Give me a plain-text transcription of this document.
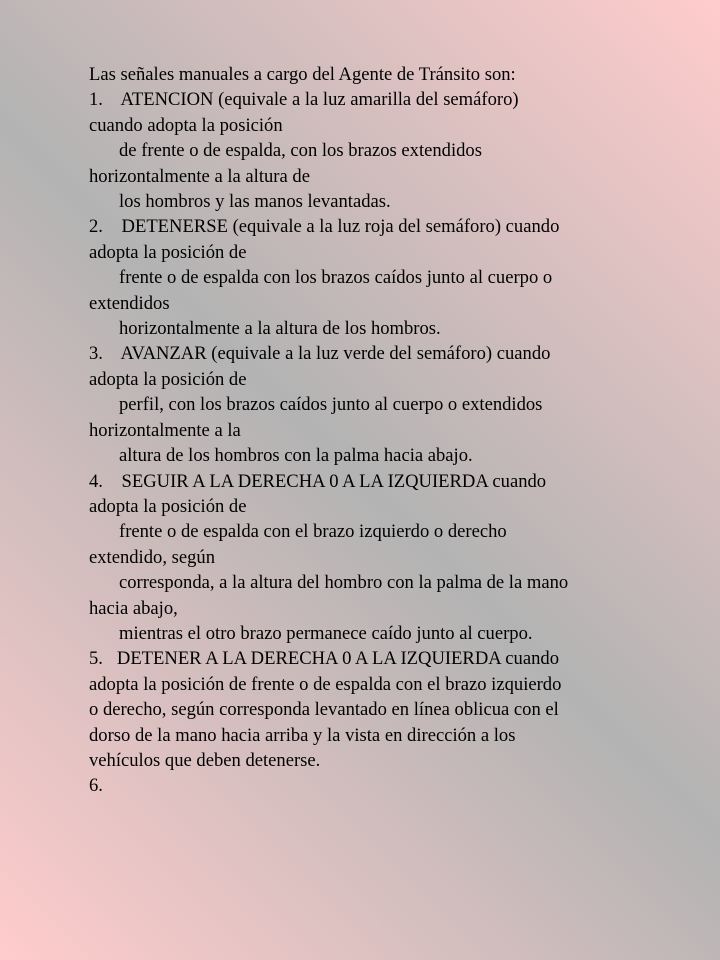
Las señales manuales a cargo del Agente de Tránsito son:
1.    ATENCION (equivale a la luz amarilla del semáforo)
cuando adopta la posición
de frente o de espalda, con los brazos extendidos
horizontalmente a la altura de
los hombros y las manos levantadas.
2.    DETENERSE (equivale a la luz roja del semáforo) cuando
adopta la posición de
frente o de espalda con los brazos caídos junto al cuerpo o
extendidos
horizontalmente a la altura de los hombros.
3.    AVANZAR (equivale a la luz verde del semáforo) cuando
adopta la posición de
perfil, con los brazos caídos junto al cuerpo o extendidos
horizontalmente a la
altura de los hombros con la palma hacia abajo.
4.    SEGUIR A LA DERECHA 0 A LA IZQUIERDA cuando
adopta la posición de
frente o de espalda con el brazo izquierdo o derecho
extendido, según
corresponda, a la altura del hombro con la palma de la mano
hacia abajo,
mientras el otro brazo permanece caído junto al cuerpo.
5.   DETENER A LA DERECHA 0 A LA IZQUIERDA cuando
adopta la posición de frente o de espalda con el brazo izquierdo
o derecho, según corresponda levantado en línea oblicua con el
dorso de la mano hacia arriba y la vista en dirección a los
vehículos que deben detenerse.
6.
